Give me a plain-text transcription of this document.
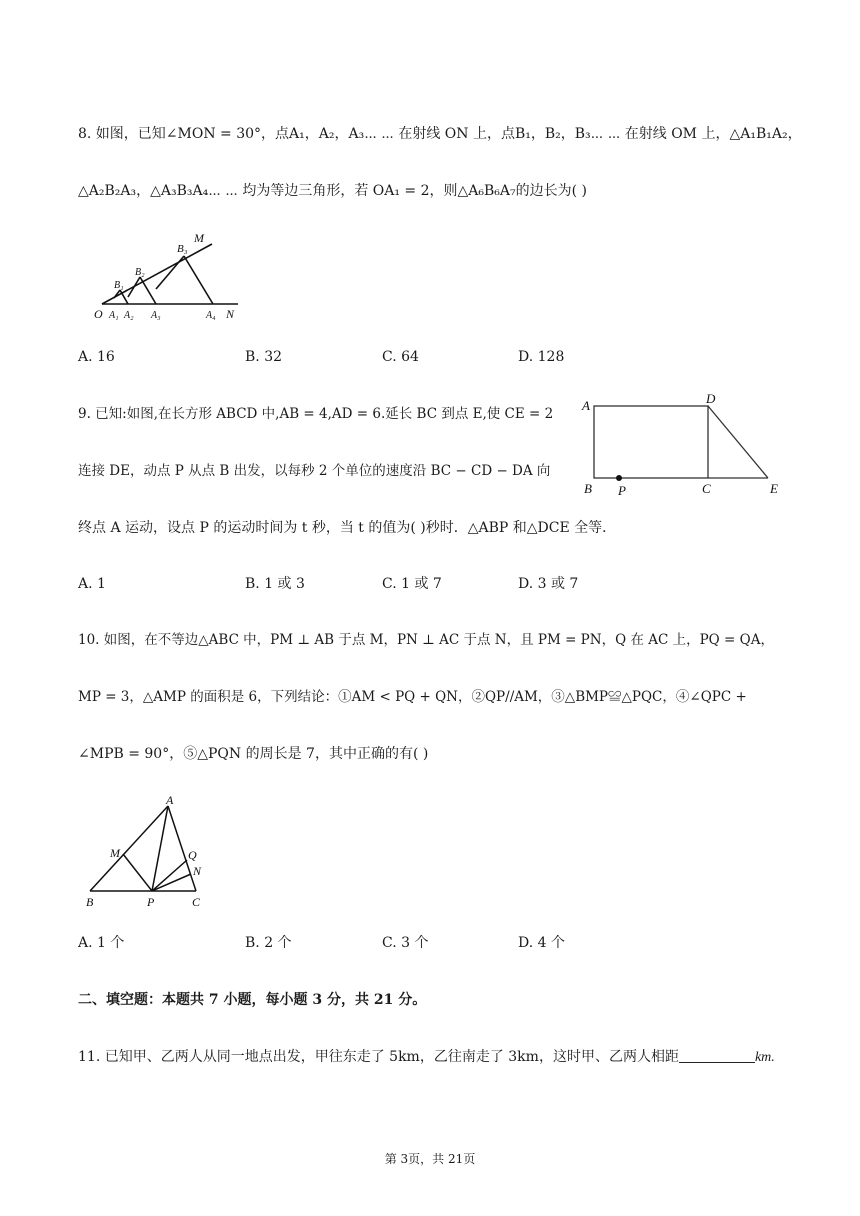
8. 如图，已知∠MON = 30°，点A₁，A₂，A₃⋯ ⋯ 在射线 ON 上，点B₁，B₂，B₃⋯ ⋯ 在射线 OM 上，△A₁B₁A₂，
△A₂B₂A₃，△A₃B₃A₄⋯ ⋯ 均为等边三角形，若 OA₁ = 2，则△A₆B₆A₇的边长为( )
O A₁ A₂ A₃	A₄ N
B₁
B₂
B₃
M
A. 16	B. 32	C. 64	D. 128
9. 已知:如图,在长方形 ABCD 中,AB = 4,AD = 6.延长 BC 到点 E,使 CE = 2
连接 DE，动点 P 从点 B 出发，以每秒 2 个单位的速度沿 BC − CD − DA 向
终点 A 运动，设点 P 的运动时间为 t 秒，当 t 的值为( )秒时．△ABP 和△DCE 全等．
A	D
B P	C	E
A. 1	B. 1 或 3	C. 1 或 7	D. 3 或 7
10. 如图，在不等边△ABC 中，PM ⊥ AB 于点 M，PN ⊥ AC 于点 N，且 PM = PN，Q 在 AC 上，PQ = QA，
MP = 3，△AMP 的面积是 6，下列结论：①AM < PQ + QN，②QP//AM，③△BMP≌△PQC，④∠QPC +
∠MPB = 90°，⑤△PQN 的周长是 7，其中正确的有( )
A
M	Q
N
B	P	C
A. 1 个	B. 2 个	C. 3 个	D. 4 个
二、填空题：本题共 7 小题，每小题 3 分，共 21 分。
11. 已知甲、乙两人从同一地点出发，甲往东走了 5km，乙往南走了 3km，这时甲、乙两人相距	km.
第 3页，共 21页
